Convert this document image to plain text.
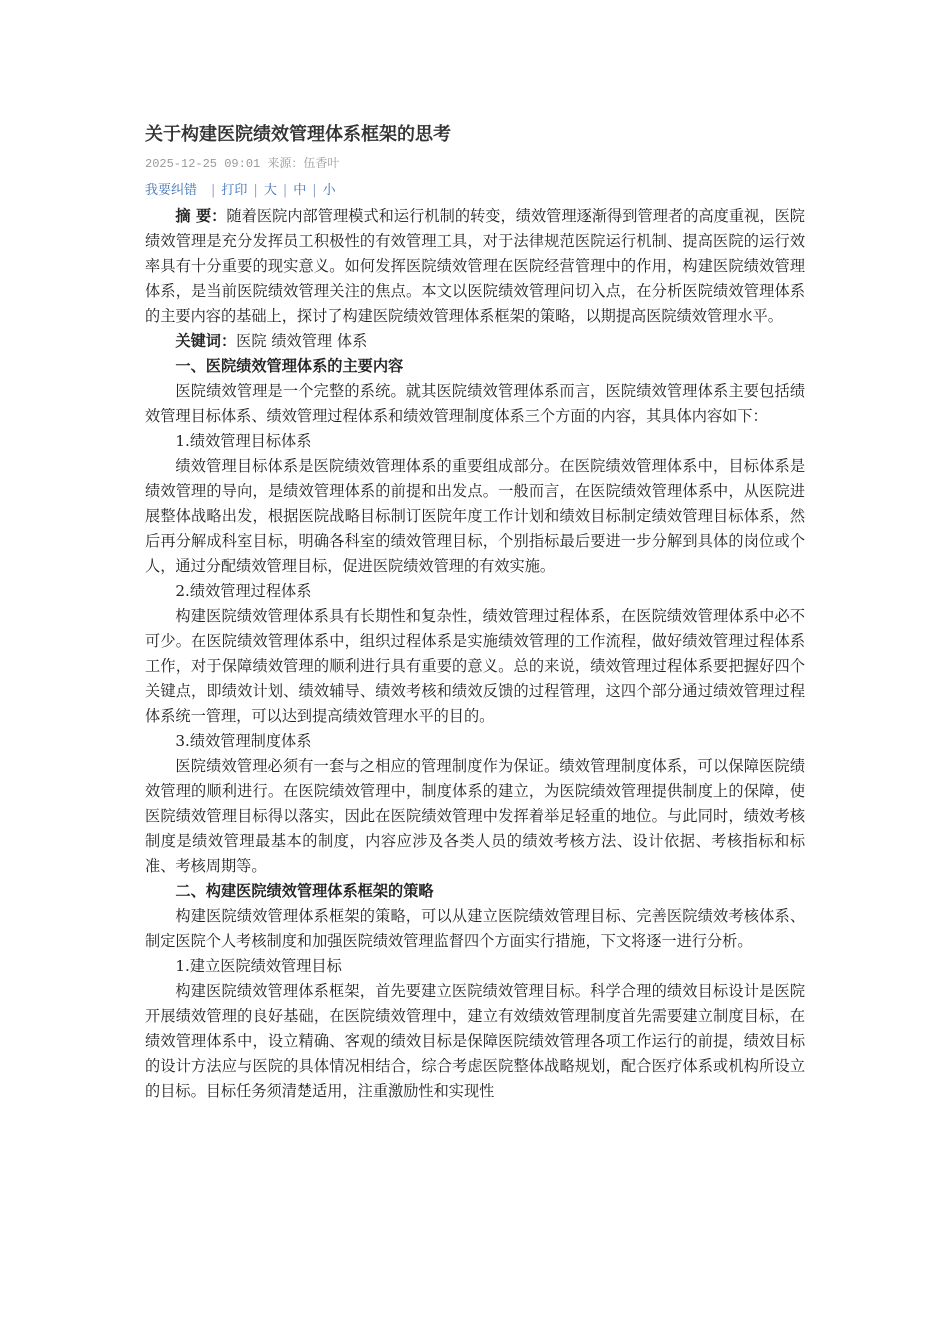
关于构建医院绩效管理体系框架的思考
2025-12-25 09:01 来源：伍香叶
我要纠错 | 打印 | 大 | 中 | 小

摘 要：随着医院内部管理模式和运行机制的转变，绩效管理逐渐得到管理者的高度重视，医院绩效管理是充分发挥员工积极性的有效管理工具，对于法律规范医院运行机制、提高医院的运行效率具有十分重要的现实意义。如何发挥医院绩效管理在医院经营管理中的作用，构建医院绩效管理体系，是当前医院绩效管理关注的焦点。本文以医院绩效管理问切入点，在分析医院绩效管理体系的主要内容的基础上，探讨了构建医院绩效管理体系框架的策略，以期提高医院绩效管理水平。

关键词：医院 绩效管理 体系

一、医院绩效管理体系的主要内容

医院绩效管理是一个完整的系统。就其医院绩效管理体系而言，医院绩效管理体系主要包括绩效管理目标体系、绩效管理过程体系和绩效管理制度体系三个方面的内容，其具体内容如下：

1.绩效管理目标体系

绩效管理目标体系是医院绩效管理体系的重要组成部分。在医院绩效管理体系中，目标体系是绩效管理的导向，是绩效管理体系的前提和出发点。一般而言，在医院绩效管理体系中，从医院进展整体战略出发，根据医院战略目标制订医院年度工作计划和绩效目标制定绩效管理目标体系，然后再分解成科室目标，明确各科室的绩效管理目标，个别指标最后要进一步分解到具体的岗位或个人，通过分配绩效管理目标，促进医院绩效管理的有效实施。

2.绩效管理过程体系

构建医院绩效管理体系具有长期性和复杂性，绩效管理过程体系，在医院绩效管理体系中必不可少。在医院绩效管理体系中，组织过程体系是实施绩效管理的工作流程，做好绩效管理过程体系工作，对于保障绩效管理的顺利进行具有重要的意义。总的来说，绩效管理过程体系要把握好四个关键点，即绩效计划、绩效辅导、绩效考核和绩效反馈的过程管理，这四个部分通过绩效管理过程体系统一管理，可以达到提高绩效管理水平的目的。

3.绩效管理制度体系

医院绩效管理必须有一套与之相应的管理制度作为保证。绩效管理制度体系，可以保障医院绩效管理的顺利进行。在医院绩效管理中，制度体系的建立，为医院绩效管理提供制度上的保障，使医院绩效管理目标得以落实，因此在医院绩效管理中发挥着举足轻重的地位。与此同时，绩效考核制度是绩效管理最基本的制度，内容应涉及各类人员的绩效考核方法、设计依据、考核指标和标准、考核周期等。

二、构建医院绩效管理体系框架的策略

构建医院绩效管理体系框架的策略，可以从建立医院绩效管理目标、完善医院绩效考核体系、制定医院个人考核制度和加强医院绩效管理监督四个方面实行措施，下文将逐一进行分析。

1.建立医院绩效管理目标

构建医院绩效管理体系框架，首先要建立医院绩效管理目标。科学合理的绩效目标设计是医院开展绩效管理的良好基础，在医院绩效管理中，建立有效绩效管理制度首先需要建立制度目标，在绩效管理体系中，设立精确、客观的绩效目标是保障医院绩效管理各项工作运行的前提，绩效目标的设计方法应与医院的具体情况相结合，综合考虑医院整体战略规划，配合医疗体系或机构所设立的目标。目标任务须清楚适用，注重激励性和实现性
